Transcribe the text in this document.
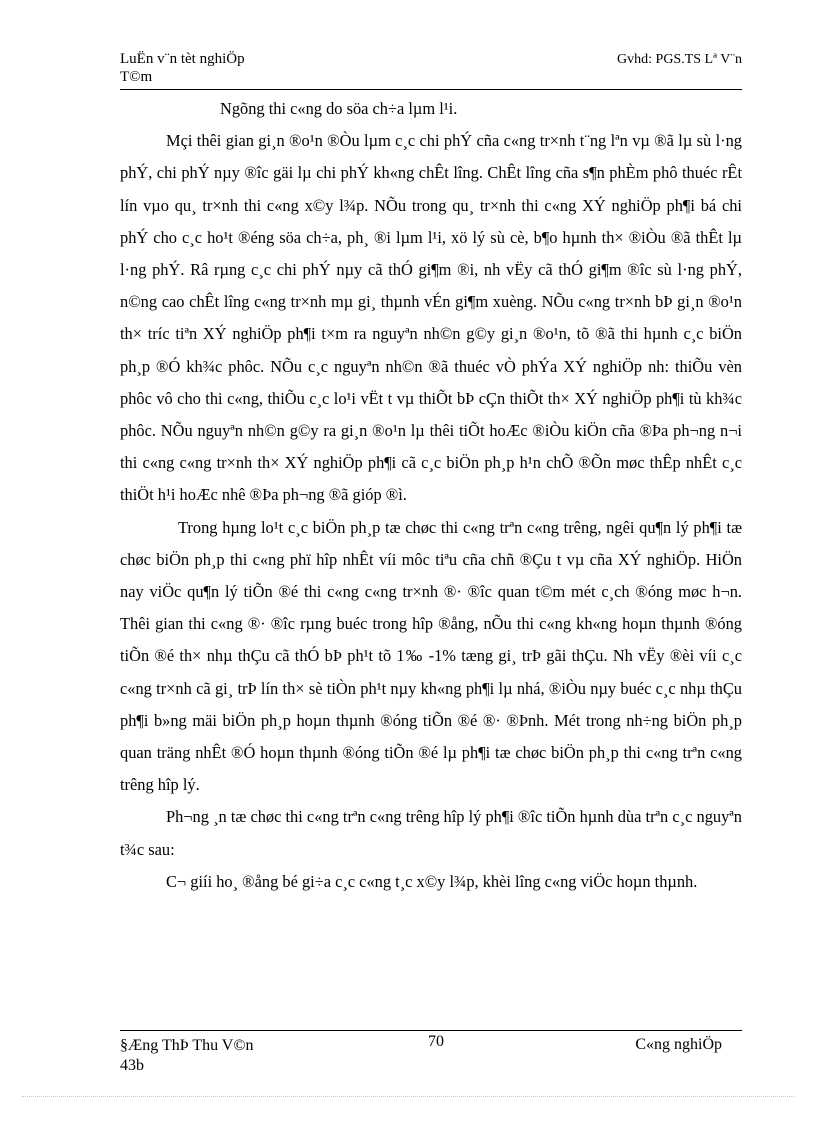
LuËn v¨n tèt nghiÖp
T©m
Gvhd: PGS.TS Lª V¨n

Ngõng thi c«ng do söa ch÷a lµm l¹i.

Mçi thêi gian gi¸n ®o¹n ®Òu lµm c¸c chi phÝ cña c«ng tr×nh t¨ng lªn vµ ®ã lµ sù l·ng phÝ, chi phÝ nµy ®îc gäi lµ chi phÝ kh«ng chÊt lîng. ChÊt lîng cña s¶n phÈm phô thuéc rÊt lín vµo qu¸ tr×nh thi c«ng x©y l¾p. NÕu trong qu¸ tr×nh thi c«ng XÝ nghiÖp ph¶i bá chi phÝ cho c¸c ho¹t ®éng söa ch÷a, ph¸ ®i lµm l¹i, xö lý sù cè, b¶o hµnh th× ®iÒu ®ã thÊt lµ l·ng phÝ. Râ rµng c¸c chi phÝ nµy cã thÓ gi¶m ®i, nh vËy cã thÓ gi¶m ®îc sù l·ng phÝ, n©ng cao chÊt lîng c«ng tr×nh mµ gi¸ thµnh vÉn gi¶m xuèng. NÕu c«ng tr×nh bÞ gi¸n ®o¹n th× tríc tiªn XÝ nghiÖp ph¶i t×m ra nguyªn nh©n g©y gi¸n ®o¹n, tõ ®ã thi hµnh c¸c biÖn ph¸p ®Ó kh¾c phôc. NÕu c¸c nguyªn nh©n ®ã thuéc vÒ phÝa XÝ nghiÖp nh: thiÕu vèn phôc vô cho thi c«ng, thiÕu c¸c lo¹i vËt t vµ thiÕt bÞ cÇn thiÕt th× XÝ nghiÖp ph¶i tù kh¾c phôc. NÕu nguyªn nh©n g©y ra gi¸n ®o¹n lµ thêi tiÕt hoÆc ®iÒu kiÖn cña ®Þa ph¬ng n¬i thi c«ng c«ng tr×nh th× XÝ nghiÖp ph¶i cã c¸c biÖn ph¸p h¹n chÕ ®Õn møc thÊp nhÊt c¸c thiÖt h¹i hoÆc nhê ®Þa ph¬ng ®ã gióp ®ì.

Trong hµng lo¹t c¸c biÖn ph¸p tæ chøc thi c«ng trªn c«ng trêng, ngêi qu¶n lý ph¶i tæ chøc biÖn ph¸p thi c«ng phï hîp nhÊt víi môc tiªu cña chñ ®Çu t vµ cña XÝ nghiÖp. HiÖn nay viÖc qu¶n lý tiÕn ®é thi c«ng c«ng tr×nh ®· ®îc quan t©m mét c¸ch ®óng møc h¬n. Thêi gian thi c«ng ®· ®îc rµng buéc trong hîp ®ång, nÕu thi c«ng kh«ng hoµn thµnh ®óng tiÕn ®é th× nhµ thÇu cã thÓ bÞ ph¹t tõ 1‰ -1% tæng gi¸ trÞ gãi thÇu. Nh vËy ®èi víi c¸c c«ng tr×nh cã gi¸ trÞ lín th× sè tiÒn ph¹t nµy kh«ng ph¶i lµ nhá, ®iÒu nµy buéc c¸c nhµ thÇu ph¶i b»ng mäi biÖn ph¸p hoµn thµnh ®óng tiÕn ®é ®· ®Þnh. Mét trong nh÷ng biÖn ph¸p quan träng nhÊt ®Ó hoµn thµnh ®óng tiÕn ®é lµ ph¶i tæ chøc biÖn ph¸p thi c«ng trªn c«ng trêng hîp lý.

Ph¬ng ¸n tæ chøc thi c«ng trªn c«ng trêng hîp lý ph¶i ®îc tiÕn hµnh dùa trªn c¸c nguyªn t¾c sau:

C¬ giíi ho¸ ®ång bé gi÷a c¸c c«ng t¸c x©y l¾p, khèi lîng c«ng viÖc hoµn thµnh.

§Æng ThÞ Thu V©n
43b
70	C«ng nghiÖp
